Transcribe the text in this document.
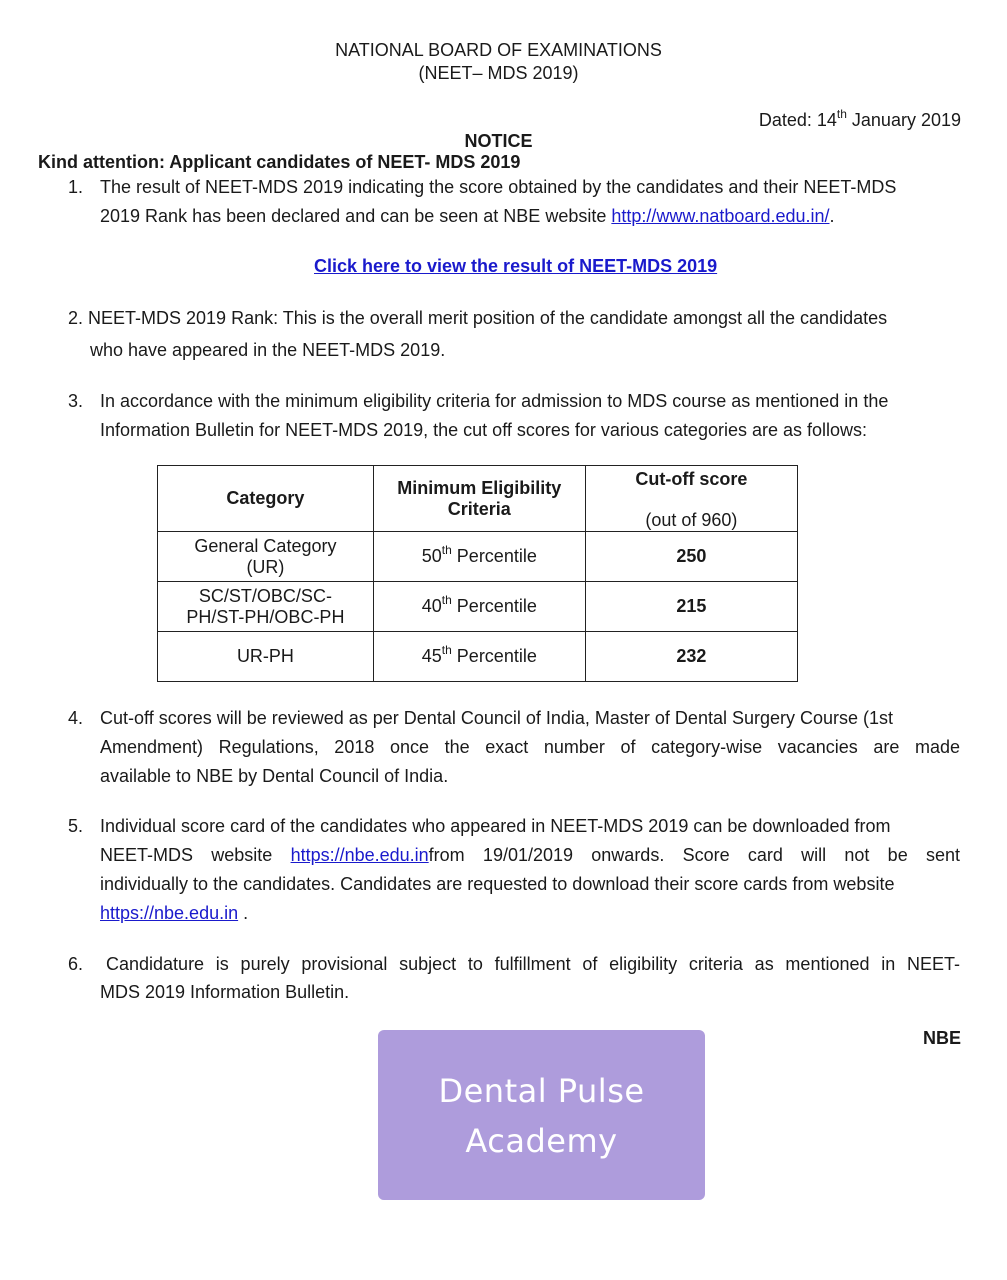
NATIONAL BOARD OF EXAMINATIONS
(NEET– MDS 2019)
Dated: 14th January 2019
NOTICE
Kind attention: Applicant candidates of NEET- MDS 2019
1. The result of NEET-MDS 2019 indicating the score obtained by the candidates and their NEET-MDS
2019 Rank has been declared and can be seen at NBE website http://www.natboard.edu.in/.
Click here to view the result of NEET-MDS 2019
2. NEET-MDS 2019 Rank: This is the overall merit position of the candidate amongst all the candidates
who have appeared in the NEET-MDS 2019.
3. In accordance with the minimum eligibility criteria for admission to MDS course as mentioned in the
Information Bulletin for NEET-MDS 2019, the cut off scores for various categories are as follows:
Category	Minimum Eligibility Criteria	Cut-off score
(out of 960)

General Category (UR)	50th Percentile	250

SC/ST/OBC/SC-PH/ST-PH/OBC-PH	40th Percentile	215

UR-PH	45th Percentile	232
4. Cut-off scores will be reviewed as per Dental Council of India, Master of Dental Surgery Course (1st
Amendment) Regulations, 2018 once the exact number of category-wise vacancies are made
available to NBE by Dental Council of India.
5. Individual score card of the candidates who appeared in NEET-MDS 2019 can be downloaded from
NEET-MDS website https://nbe.edu.infrom 19/01/2019 onwards. Score card will not be sent
individually to the candidates. Candidates are requested to download their score cards from website
https://nbe.edu.in .
6. Candidature is purely provisional subject to fulfillment of eligibility criteria as mentioned in NEET-
MDS 2019 Information Bulletin.
NBE
Dental Pulse
Academy
